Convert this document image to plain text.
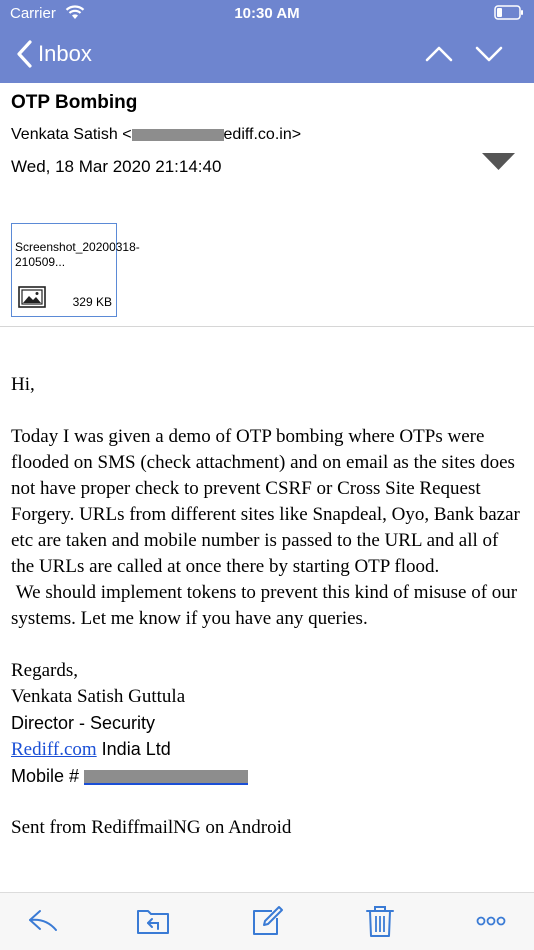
Carrier	10:30 AM
Inbox
OTP Bombing
Venkata Satish <	ediff.co.in>
Wed, 18 Mar 2020 21:14:40
Screenshot_20200318-210509...
329 KB

Hi,

Today I was given a demo of OTP bombing where OTPs were flooded on SMS (check attachment) and on email as the sites does not have proper check to prevent CSRF or Cross Site Request Forgery. URLs from different sites like Snapdeal, Oyo, Bank bazar etc are taken and mobile number is passed to the URL and all of the URLs are called at once there by starting OTP flood.

We should implement tokens to prevent this kind of misuse of our systems. Let me know if you have any queries.

Regards,

Venkata Satish Guttula

Director - Security

Rediff.com India Ltd

Mobile #

Sent from RediffmailNG on Android
